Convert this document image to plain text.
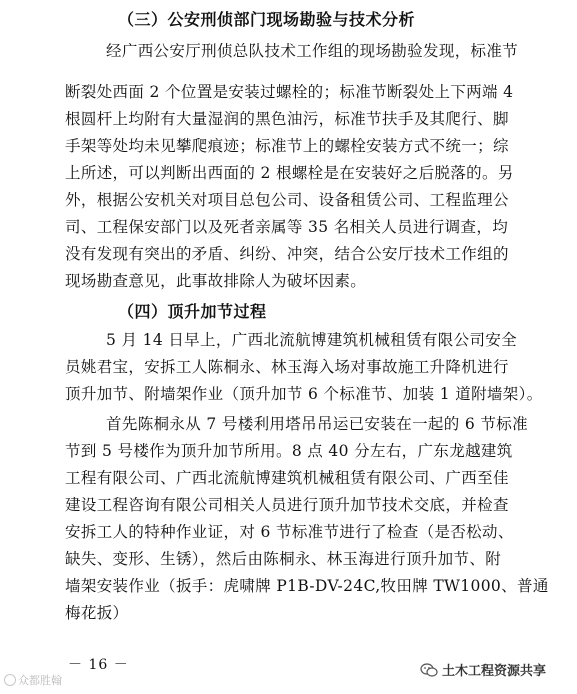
（三）公安刑侦部门现场勘验与技术分析
经广西公安厅刑侦总队技术工作组的现场勘验发现，标准节
断裂处西面 2 个位置是安装过螺栓的；标准节断裂处上下两端 4
根圆杆上均附有大量湿润的黑色油污，标准节扶手及其爬行、脚
手架等处均未见攀爬痕迹；标准节上的螺栓安装方式不统一；综
上所述，可以判断出西面的 2 根螺栓是在安装好之后脱落的。另
外，根据公安机关对项目总包公司、设备租赁公司、工程监理公
司、工程保安部门以及死者亲属等 35 名相关人员进行调查，均
没有发现有突出的矛盾、纠纷、冲突，结合公安厅技术工作组的
现场勘查意见，此事故排除人为破坏因素。
（四）顶升加节过程
5 月 14 日早上，广西北流航博建筑机械租赁有限公司安全
员姚君宝，安拆工人陈桐永、林玉海入场对事故施工升降机进行
顶升加节、附墙架作业（顶升加节 6 个标准节、加装 1 道附墙架）。
首先陈桐永从 7 号楼利用塔吊吊运已安装在一起的 6 节标准
节到 5 号楼作为顶升加节所用。8 点 40 分左右，广东龙越建筑
工程有限公司、广西北流航博建筑机械租赁有限公司、广西至佳
建设工程咨询有限公司相关人员进行顶升加节技术交底，并检查
安拆工人的特种作业证，对 6 节标准节进行了检查（是否松动、
缺失、变形、生锈），然后由陈桐永、林玉海进行顶升加节、附
墙架安装作业（扳手：虎啸牌 P1B-DV-24C,牧田牌 TW1000、普通
梅花扳）
－ 16 －
众都胜翰
土木工程资源共享
